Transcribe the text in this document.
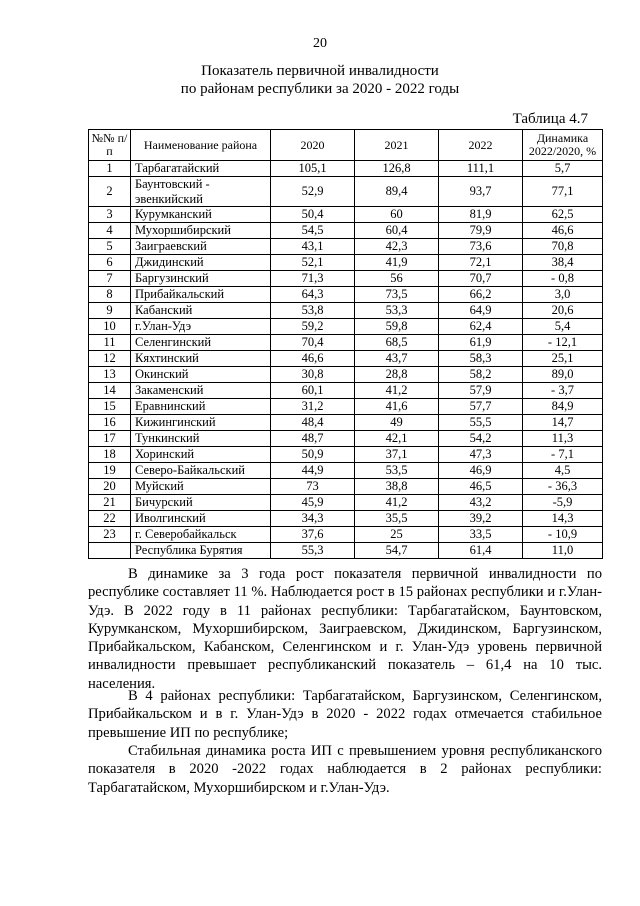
20
Показатель первичной инвалидности
по районам республики за 2020 - 2022 годы
Таблица 4.7
№№ п/п	Наименование района	2020	2021	2022	Динамика 2022/2020, %
1	Тарбагатайский	105,1	126,8	111,1	5,7
2	Баунтовский - эвенкийский	52,9	89,4	93,7	77,1
3	Курумканский	50,4	60	81,9	62,5
4	Мухоршибирский	54,5	60,4	79,9	46,6
5	Заиграевский	43,1	42,3	73,6	70,8
6	Джидинский	52,1	41,9	72,1	38,4
7	Баргузинский	71,3	56	70,7	- 0,8
8	Прибайкальский	64,3	73,5	66,2	3,0
9	Кабанский	53,8	53,3	64,9	20,6
10	г.Улан-Удэ	59,2	59,8	62,4	5,4
11	Селенгинский	70,4	68,5	61,9	- 12,1
12	Кяхтинский	46,6	43,7	58,3	25,1
13	Окинский	30,8	28,8	58,2	89,0
14	Закаменский	60,1	41,2	57,9	- 3,7
15	Еравнинский	31,2	41,6	57,7	84,9
16	Кижингинский	48,4	49	55,5	14,7
17	Тункинский	48,7	42,1	54,2	11,3
18	Хоринский	50,9	37,1	47,3	- 7,1
19	Северо-Байкальский	44,9	53,5	46,9	4,5
20	Муйский	73	38,8	46,5	- 36,3
21	Бичурский	45,9	41,2	43,2	-5,9
22	Иволгинский	34,3	35,5	39,2	14,3
23	г. Северобайкальск	37,6	25	33,5	- 10,9
	Республика Бурятия	55,3	54,7	61,4	11,0
В динамике за 3 года рост показателя первичной инвалидности по республике составляет 11 %. Наблюдается рост в 15 районах республики и г.Улан-Удэ. В 2022 году в 11 районах республики: Тарбагатайском, Баунтовском, Курумканском, Мухоршибирском, Заиграевском, Джидинском, Баргузинском, Прибайкальском, Кабанском, Селенгинском и г. Улан-Удэ уровень первичной инвалидности превышает республиканский показатель – 61,4 на 10 тыс. населения.
В 4 районах республики: Тарбагатайском, Баргузинском, Селенгинском, Прибайкальском и в г. Улан-Удэ в 2020 - 2022 годах отмечается стабильное превышение ИП по республике;
Стабильная динамика роста ИП с превышением уровня республиканского показателя в 2020 -2022 годах наблюдается в 2 районах республики: Тарбагатайском, Мухоршибирском и г.Улан-Удэ.
